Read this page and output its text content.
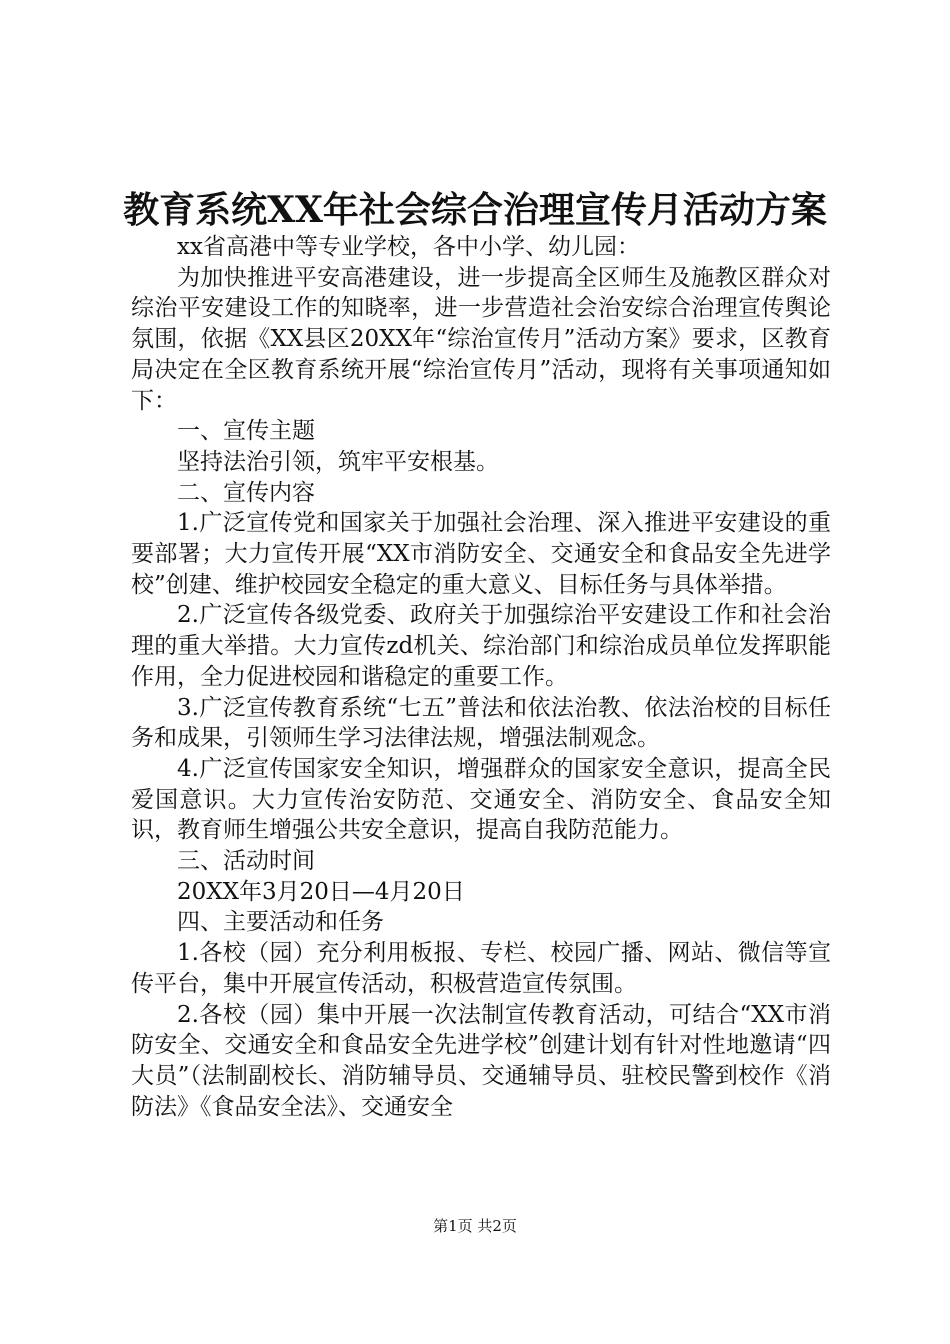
教育系统XX年社会综合治理宣传月活动方案

xx省高港中等专业学校，各中小学、幼儿园：

为加快推进平安高港建设，进一步提高全区师生及施教区群众对综治平安建设工作的知晓率，进一步营造社会治安综合治理宣传舆论氛围，依据《XX县区20XX年“综治宣传月”活动方案》要求，区教育局决定在全区教育系统开展“综治宣传月”活动，现将有关事项通知如下：

一、宣传主题

坚持法治引领，筑牢平安根基。

二、宣传内容

1.广泛宣传党和国家关于加强社会治理、深入推进平安建设的重要部署；大力宣传开展“XX市消防安全、交通安全和食品安全先进学校”创建、维护校园安全稳定的重大意义、目标任务与具体举措。

2.广泛宣传各级党委、政府关于加强综治平安建设工作和社会治理的重大举措。大力宣传zd机关、综治部门和综治成员单位发挥职能作用，全力促进校园和谐稳定的重要工作。

3.广泛宣传教育系统“七五”普法和依法治教、依法治校的目标任务和成果，引领师生学习法律法规，增强法制观念。

4.广泛宣传国家安全知识，增强群众的国家安全意识，提高全民爱国意识。大力宣传治安防范、交通安全、消防安全、食品安全知识，教育师生增强公共安全意识，提高自我防范能力。

三、活动时间

20XX年3月20日—4月20日

四、主要活动和任务

1.各校（园）充分利用板报、专栏、校园广播、网站、微信等宣传平台，集中开展宣传活动，积极营造宣传氛围。

2.各校（园）集中开展一次法制宣传教育活动，可结合“XX市消防安全、交通安全和食品安全先进学校”创建计划有针对性地邀请“四大员”（法制副校长、消防辅导员、交通辅导员、驻校民警到校作《消防法》《食品安全法》、交通安全

第1页 共2页
